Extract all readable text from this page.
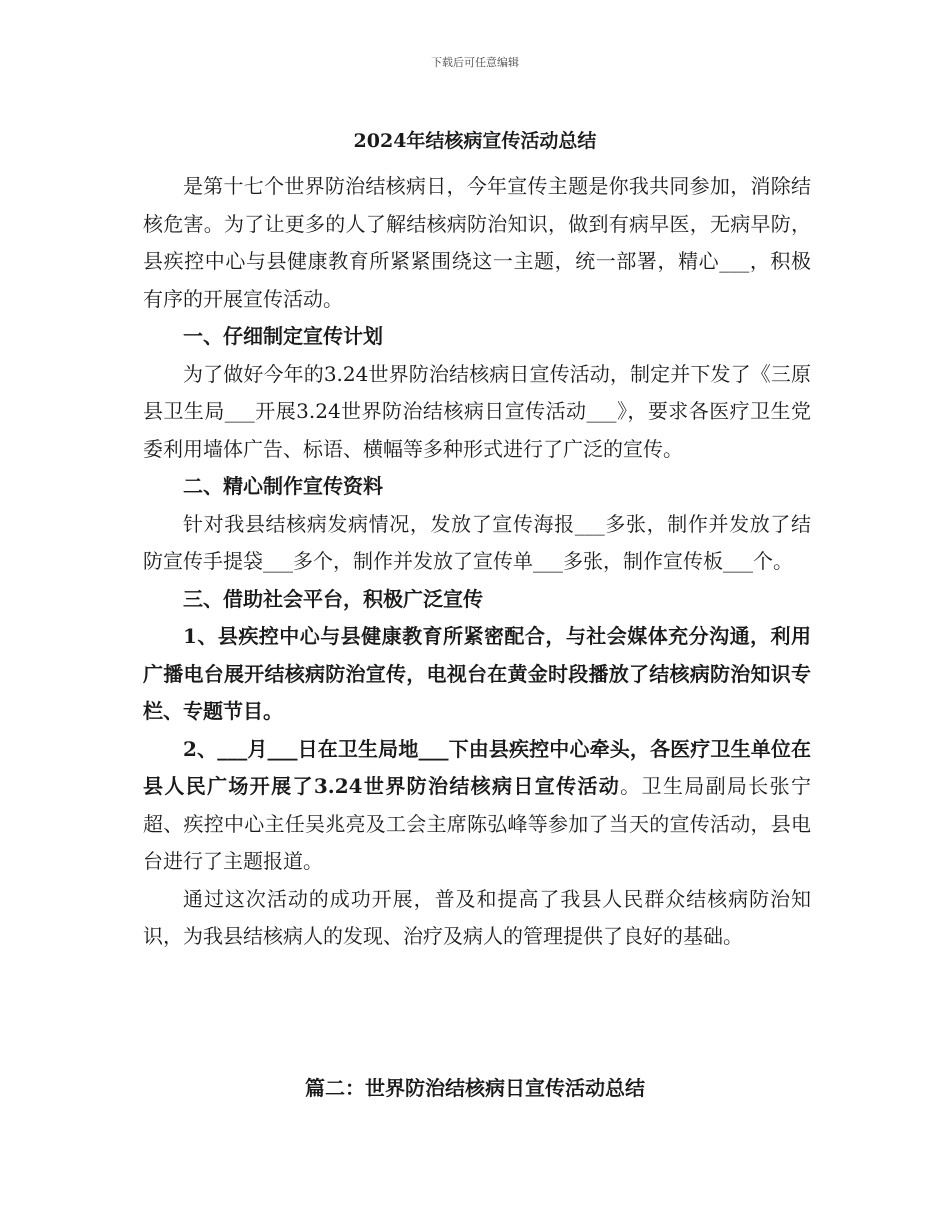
下载后可任意编辑
2024年结核病宣传活动总结

是第十七个世界防治结核病日，今年宣传主题是你我共同参加，消除结核危害。为了让更多的人了解结核病防治知识，做到有病早医，无病早防，县疾控中心与县健康教育所紧紧围绕这一主题，统一部署，精心___，积极有序的开展宣传活动。

一、仔细制定宣传计划

为了做好今年的3.24世界防治结核病日宣传活动，制定并下发了《三原县卫生局___开展3.24世界防治结核病日宣传活动___》，要求各医疗卫生党委利用墙体广告、标语、横幅等多种形式进行了广泛的宣传。

二、精心制作宣传资料

针对我县结核病发病情况，发放了宣传海报___多张，制作并发放了结防宣传手提袋___多个，制作并发放了宣传单___多张，制作宣传板___个。

三、借助社会平台，积极广泛宣传

1、县疾控中心与县健康教育所紧密配合，与社会媒体充分沟通，利用广播电台展开结核病防治宣传，电视台在黄金时段播放了结核病防治知识专栏、专题节目。

2、___月___日在卫生局地___下由县疾控中心牵头，各医疗卫生单位在县人民广场开展了3.24世界防治结核病日宣传活动。卫生局副局长张宁超、疾控中心主任吴兆亮及工会主席陈弘峰等参加了当天的宣传活动，县电台进行了主题报道。

通过这次活动的成功开展，普及和提高了我县人民群众结核病防治知识，为我县结核病人的发现、治疗及病人的管理提供了良好的基础。

篇二：世界防治结核病日宣传活动总结
